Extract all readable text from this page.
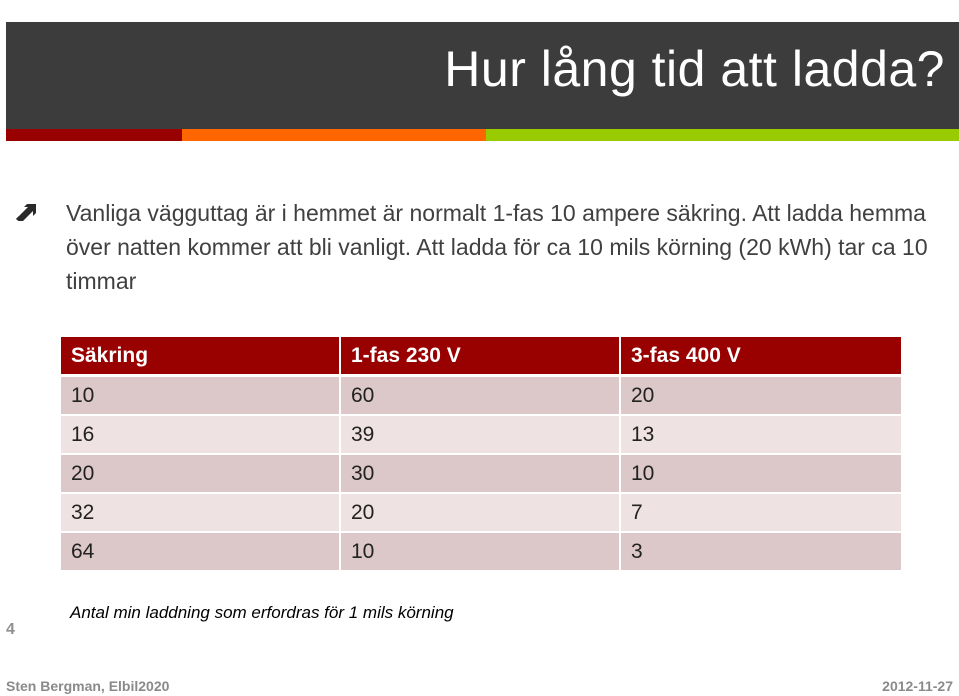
Hur lång tid att ladda?
Vanliga vägguttag är i hemmet är normalt 1-fas 10 ampere säkring. Att ladda hemma över natten kommer att bli vanligt. Att ladda för ca 10 mils körning (20 kWh) tar ca 10 timmar
Säkring	1-fas 230 V	3-fas 400 V
10	60	20
16	39	13
20	30	10
32	20	7
64	10	3
Antal min laddning som erfordras för 1 mils körning
4
Sten Bergman, Elbil2020	2012-11-27
